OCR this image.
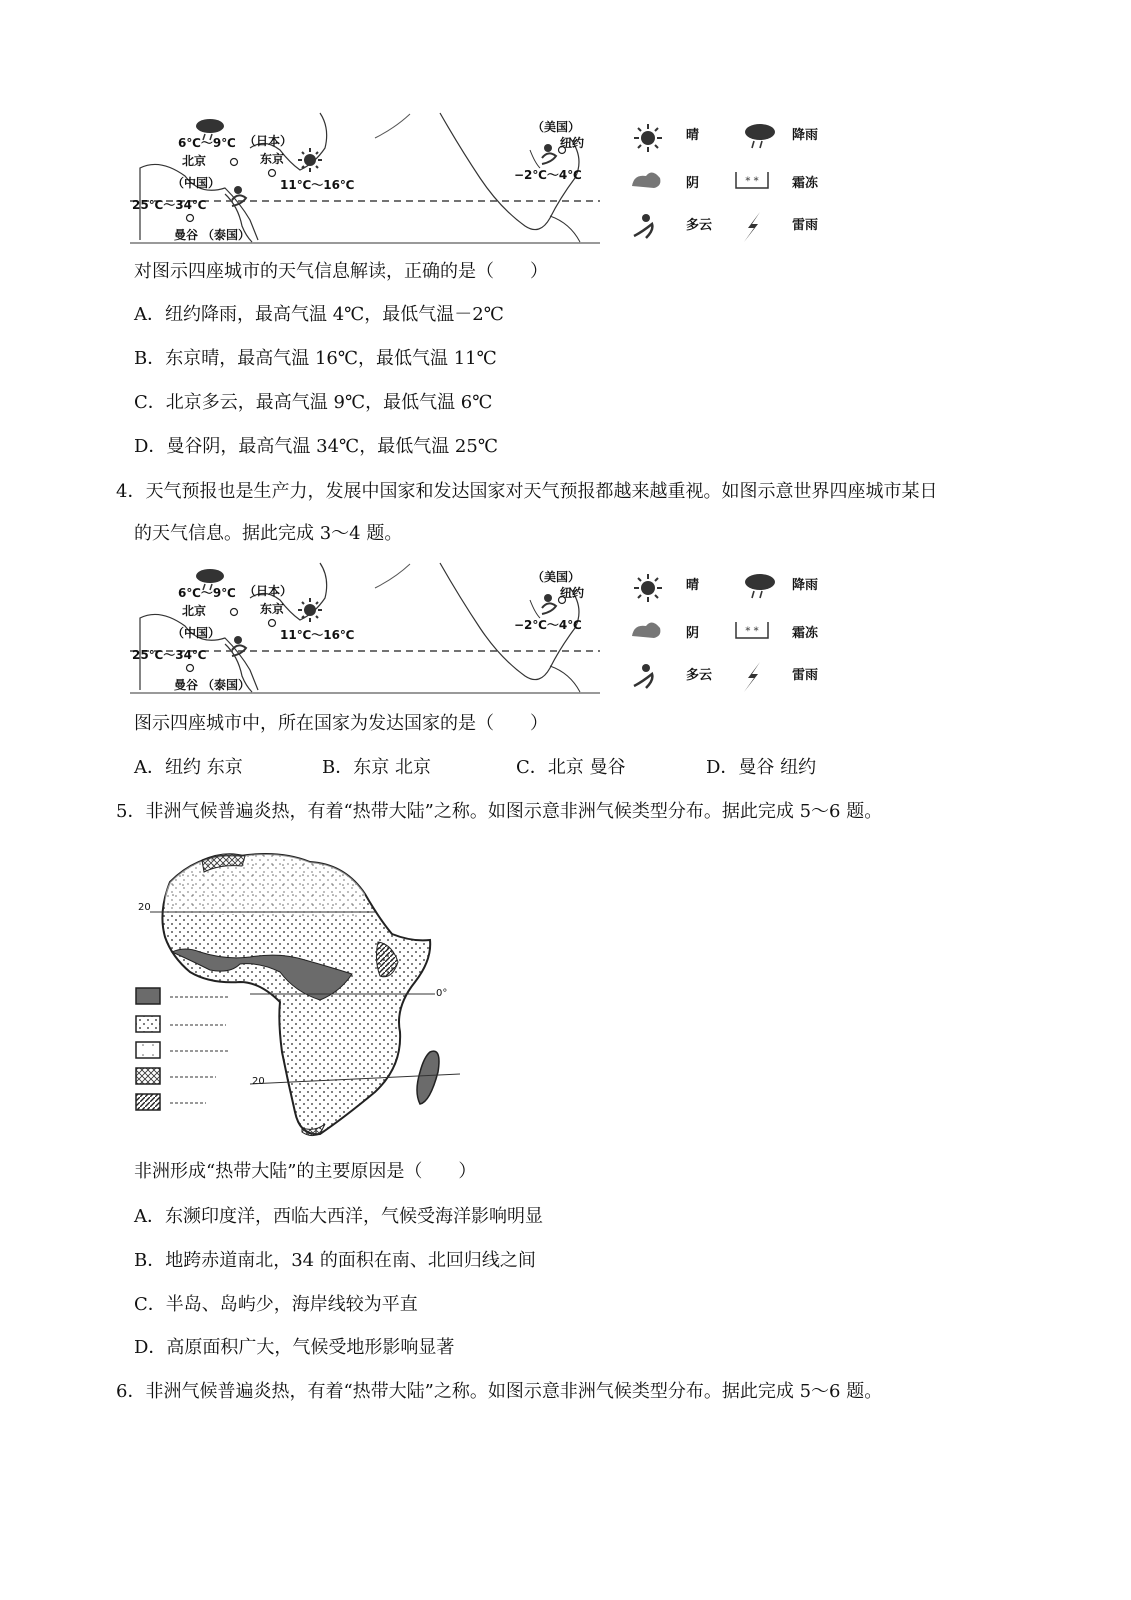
* *
6℃～9℃
北京
（中国）
（日本）
东京
11℃～16℃
25℃～34℃
曼谷 （泰国）
（美国）
纽约
−2℃～4℃
晴	降雨
阴	霜冻
多云	雷雨
对图示四座城市的天气信息解读，正确的是（　　）
A．纽约降雨，最高气温 4℃，最低气温－2℃
B．东京晴，最高气温 16℃，最低气温 11℃
C．北京多云，最高气温 9℃，最低气温 6℃
D．曼谷阴，最高气温 34℃，最低气温 25℃
4．天气预报也是生产力，发展中国家和发达国家对天气预报都越来越重视。如图示意世界四座城市某日
的天气信息。据此完成 3～4 题。
* *
6℃～9℃
北京
（中国）
（日本）
东京
11℃～16℃
25℃～34℃
曼谷 （泰国）
（美国）
纽约
−2℃～4℃
晴	降雨
阴	霜冻
多云	雷雨
图示四座城市中，所在国家为发达国家的是（　　）
A．纽约 东京	B．东京 北京	C．北京 曼谷	D．曼谷 纽约
5．非洲气候普遍炎热，有着“热带大陆”之称。如图示意非洲气候类型分布。据此完成 5～6 题。
20
0°
20
非洲形成“热带大陆”的主要原因是（　　）
A．东濒印度洋，西临大西洋，气候受海洋影响明显
B．地跨赤道南北，34 的面积在南、北回归线之间
C．半岛、岛屿少，海岸线较为平直
D．高原面积广大，气候受地形影响显著
6．非洲气候普遍炎热，有着“热带大陆”之称。如图示意非洲气候类型分布。据此完成 5～6 题。
